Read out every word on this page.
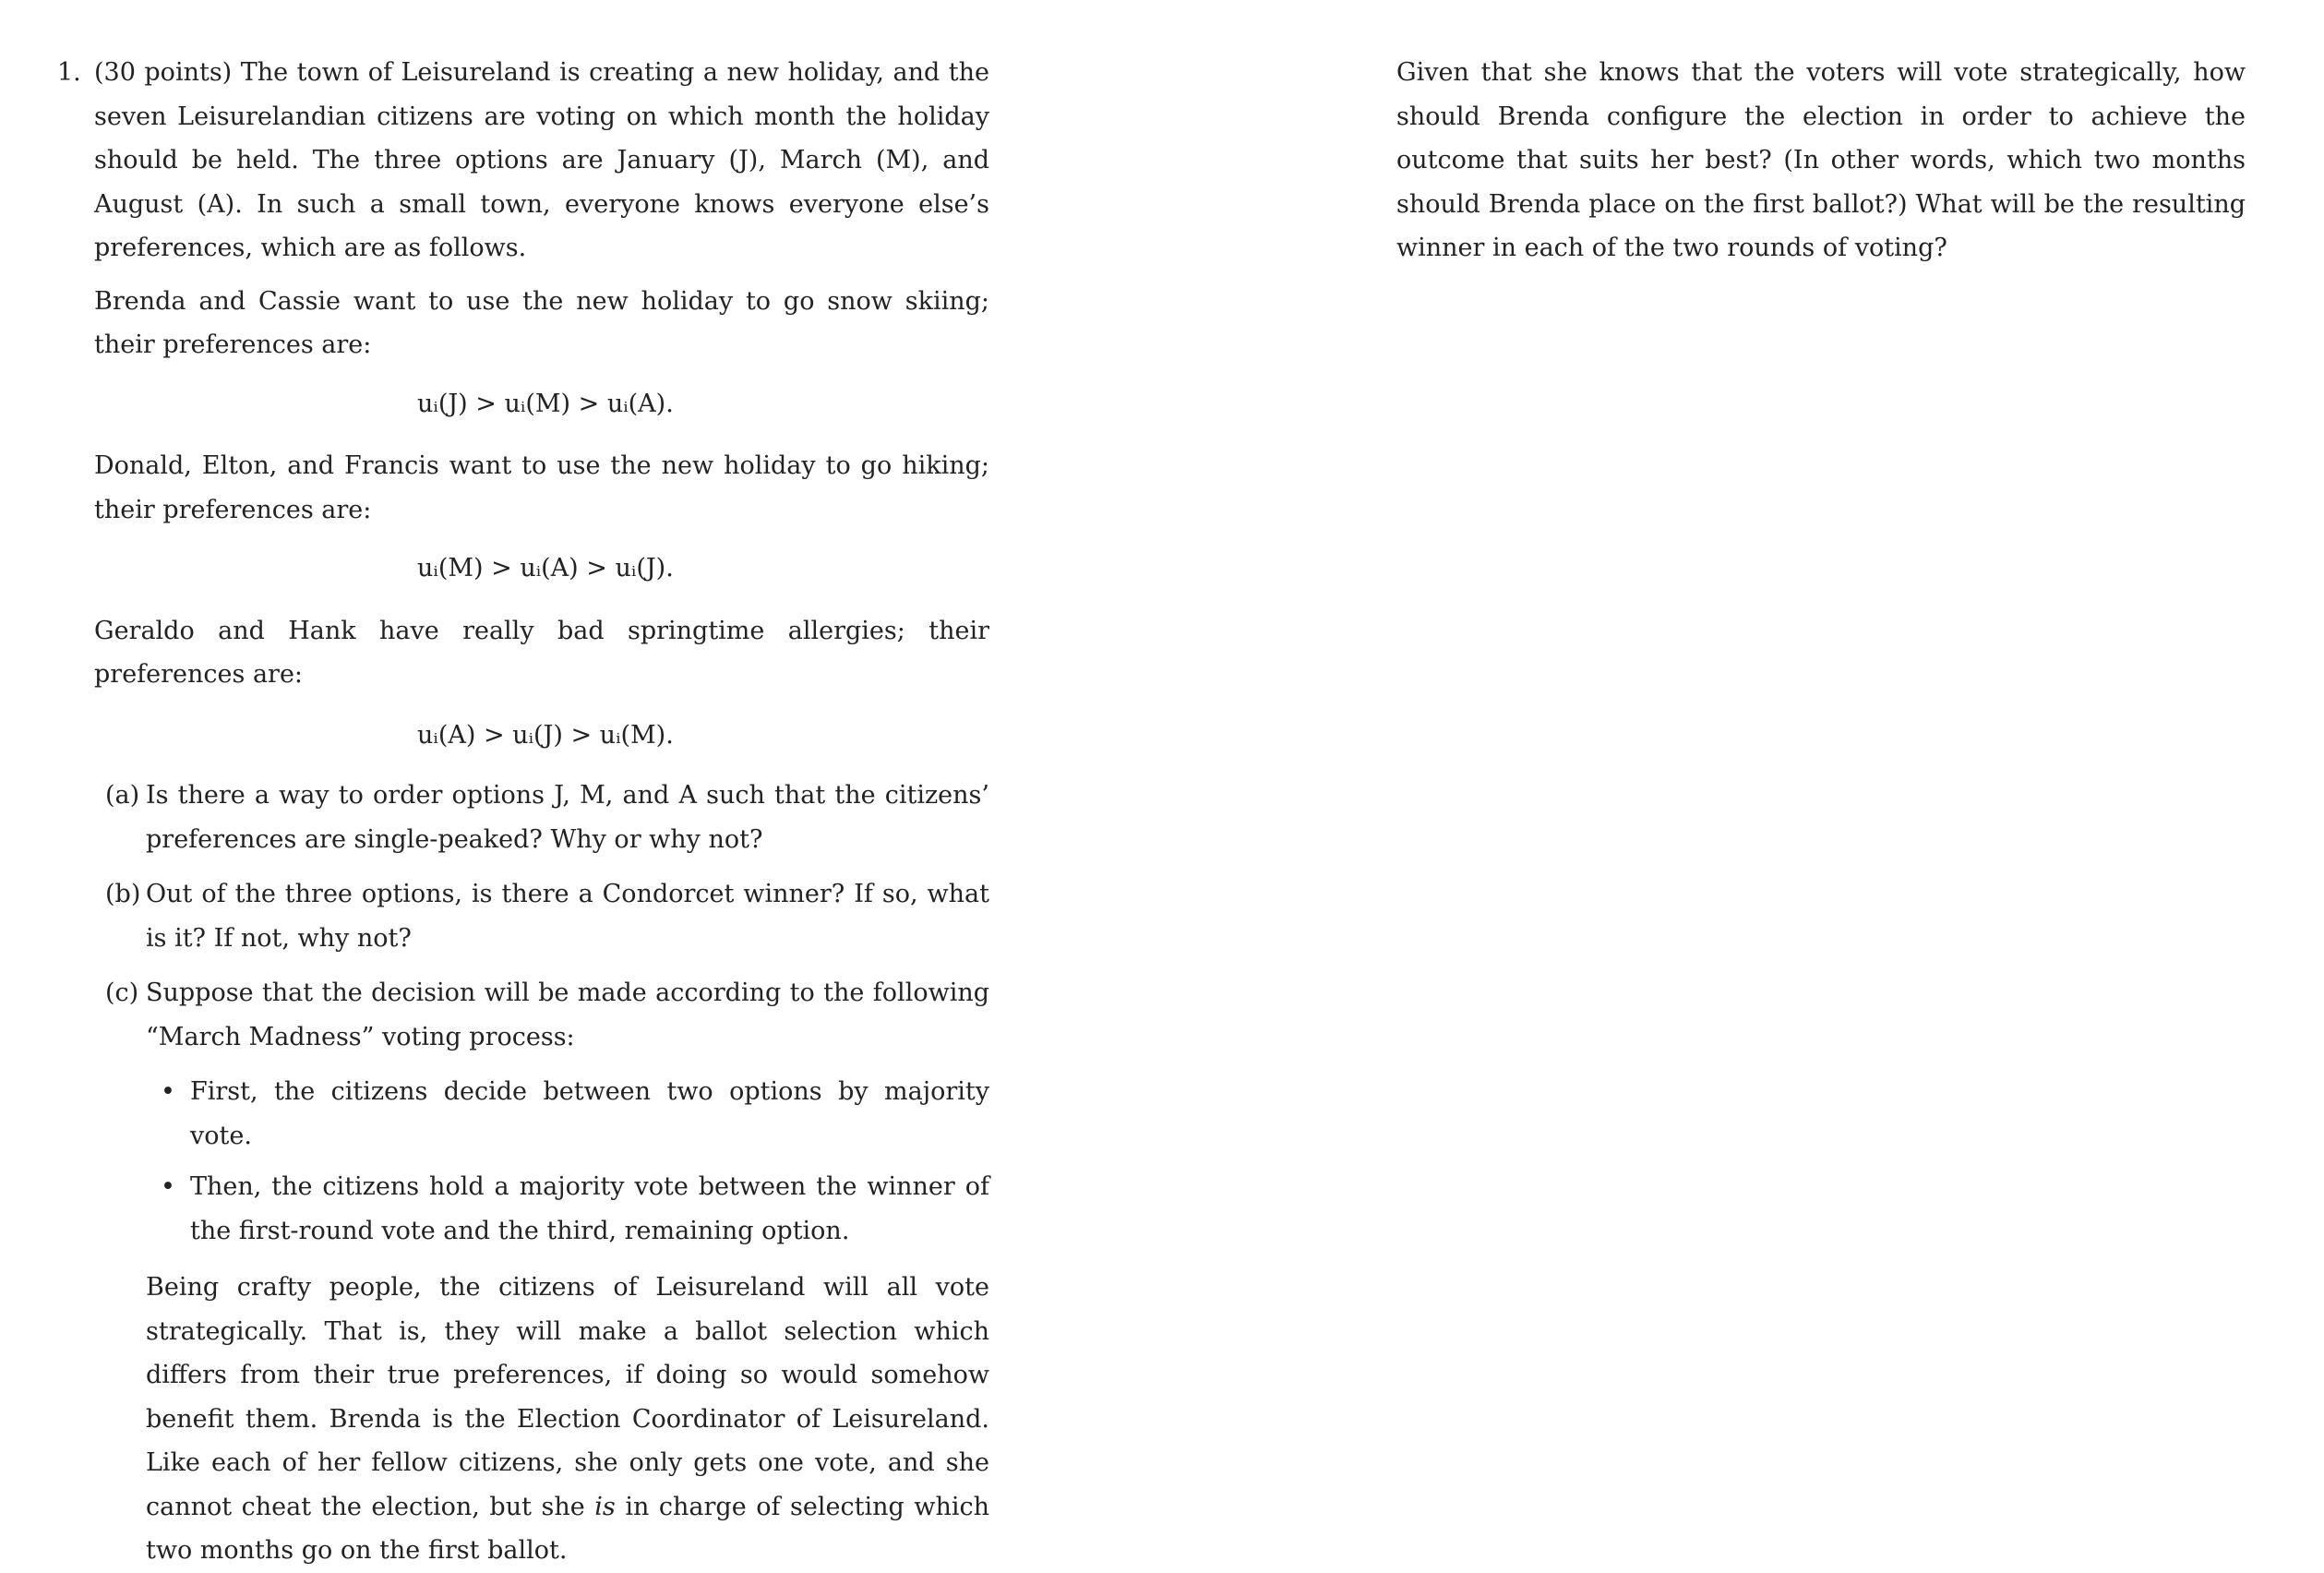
1. (30 points) The town of Leisureland is creating a new holiday, and the seven Leisurelandian citizens are voting on which month the holiday should be held. The three options are January (J), March (M), and August (A). In such a small town, everyone knows everyone else’s preferences, which are as follows.

Brenda and Cassie want to use the new holiday to go snow skiing; their preferences are:

uᵢ(J) > uᵢ(M) > uᵢ(A).

Donald, Elton, and Francis want to use the new holiday to go hiking; their preferences are:

uᵢ(M) > uᵢ(A) > uᵢ(J).

Geraldo and Hank have really bad springtime allergies; their preferences are:

uᵢ(A) > uᵢ(J) > uᵢ(M).

(a) Is there a way to order options J, M, and A such that the citizens’ preferences are single-peaked? Why or why not?

(b) Out of the three options, is there a Condorcet winner? If so, what is it? If not, why not?

(c) Suppose that the decision will be made according to the following “March Madness” voting process:

• First, the citizens decide between two options by majority vote.
• Then, the citizens hold a majority vote between the winner of the first-round vote and the third, remaining option.

Being crafty people, the citizens of Leisureland will all vote strategically. That is, they will make a ballot selection which differs from their true preferences, if doing so would somehow benefit them. Brenda is the Election Coordinator of Leisureland. Like each of her fellow citizens, she only gets one vote, and she cannot cheat the election, but she is in charge of selecting which two months go on the first ballot.

Given that she knows that the voters will vote strategically, how should Brenda configure the election in order to achieve the outcome that suits her best? (In other words, which two months should Brenda place on the first ballot?) What will be the resulting winner in each of the two rounds of voting?
